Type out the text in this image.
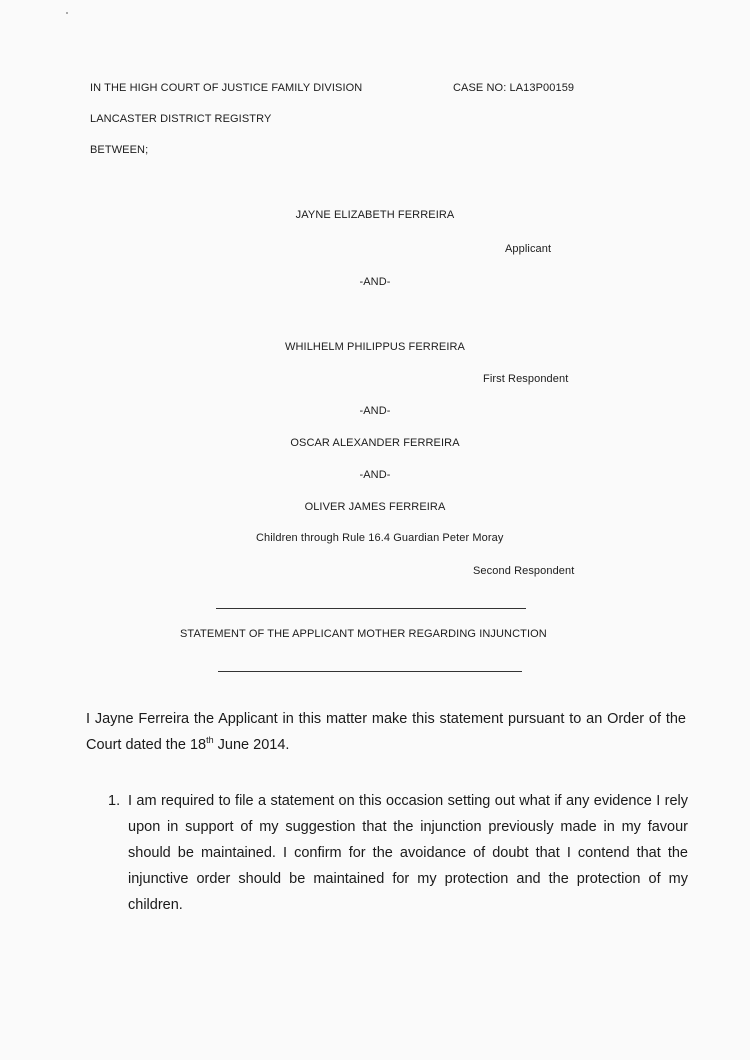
IN THE HIGH COURT OF JUSTICE FAMILY DIVISION	CASE NO: LA13P00159
LANCASTER DISTRICT REGISTRY
BETWEEN;
JAYNE ELIZABETH FERREIRA
Applicant
-AND-
WHILHELM PHILIPPUS FERREIRA
First Respondent
-AND-
OSCAR ALEXANDER FERREIRA
-AND-
OLIVER JAMES FERREIRA
Children through Rule 16.4 Guardian Peter Moray
Second Respondent
STATEMENT OF THE APPLICANT MOTHER REGARDING INJUNCTION
I Jayne Ferreira the Applicant in this matter make this statement pursuant to an Order of the Court dated the 18th June 2014.
1. I am required to file a statement on this occasion setting out what if any evidence I rely upon in support of my suggestion that the injunction previously made in my favour should be maintained. I confirm for the avoidance of doubt that I contend that the injunctive order should be maintained for my protection and the protection of my children.
